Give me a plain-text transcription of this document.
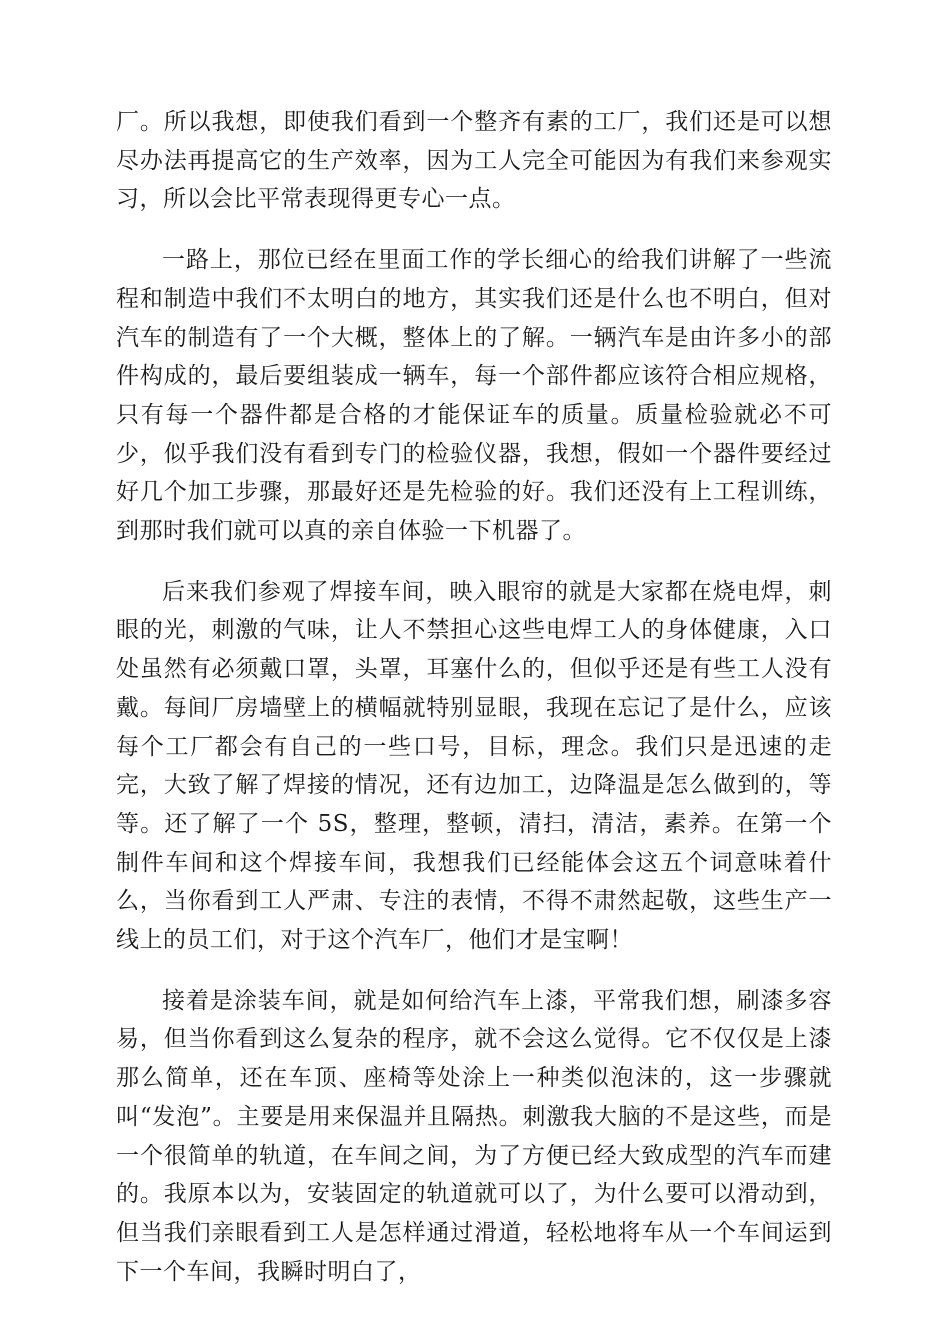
厂。所以我想，即使我们看到一个整齐有素的工厂，我们还是可以想尽办法再提高它的生产效率，因为工人完全可能因为有我们来参观实习，所以会比平常表现得更专心一点。

一路上，那位已经在里面工作的学长细心的给我们讲解了一些流程和制造中我们不太明白的地方，其实我们还是什么也不明白，但对汽车的制造有了一个大概，整体上的了解。一辆汽车是由许多小的部件构成的，最后要组装成一辆车，每一个部件都应该符合相应规格，只有每一个器件都是合格的才能保证车的质量。质量检验就必不可少，似乎我们没有看到专门的检验仪器，我想，假如一个器件要经过好几个加工步骤，那最好还是先检验的好。我们还没有上工程训练，到那时我们就可以真的亲自体验一下机器了。

后来我们参观了焊接车间，映入眼帘的就是大家都在烧电焊，刺眼的光，刺激的气味，让人不禁担心这些电焊工人的身体健康，入口处虽然有必须戴口罩，头罩，耳塞什么的，但似乎还是有些工人没有戴。每间厂房墙壁上的横幅就特别显眼，我现在忘记了是什么，应该每个工厂都会有自己的一些口号，目标，理念。我们只是迅速的走完，大致了解了焊接的情况，还有边加工，边降温是怎么做到的，等等。还了解了一个 5S，整理，整顿，清扫，清洁，素养。在第一个制件车间和这个焊接车间，我想我们已经能体会这五个词意味着什么，当你看到工人严肃、专注的表情，不得不肃然起敬，这些生产一线上的员工们，对于这个汽车厂，他们才是宝啊！

接着是涂装车间，就是如何给汽车上漆，平常我们想，刷漆多容易，但当你看到这么复杂的程序，就不会这么觉得。它不仅仅是上漆那么简单，还在车顶、座椅等处涂上一种类似泡沫的，这一步骤就叫“发泡”。主要是用来保温并且隔热。刺激我大脑的不是这些，而是一个很简单的轨道，在车间之间，为了方便已经大致成型的汽车而建的。我原本以为，安装固定的轨道就可以了，为什么要可以滑动到，但当我们亲眼看到工人是怎样通过滑道，轻松地将车从一个车间运到下一个车间，我瞬时明白了，
